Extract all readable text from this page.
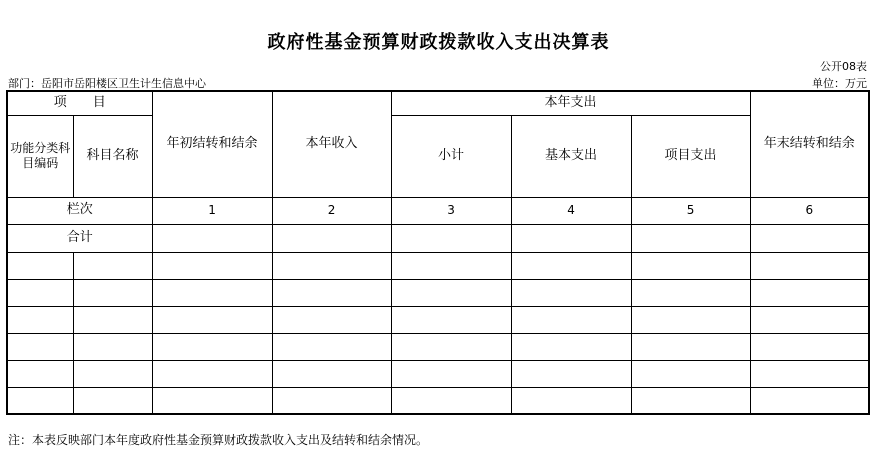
政府性基金预算财政拨款收入支出决算表
公开08表
部门：岳阳市岳阳楼区卫生计生信息中心	单位：万元
项　　目		年初结转和结余	本年收入	本年支出			年末结转和结余
功能分类科目编码	科目名称			小计	基本支出	项目支出	

栏次		1	2	3	4	5	6
合计							

注：本表反映部门本年度政府性基金预算财政拨款收入支出及结转和结余情况。
